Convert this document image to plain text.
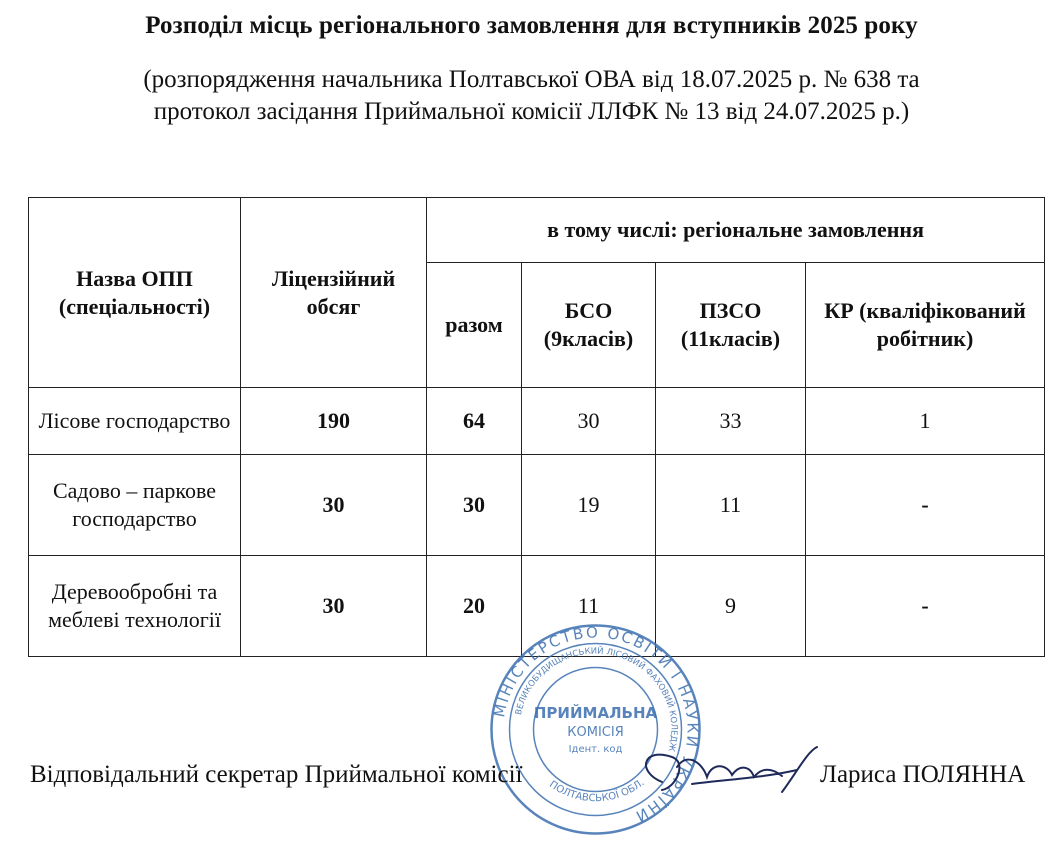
Розподіл місць регіонального замовлення для вступників 2025 року
(розпорядження начальника Полтавської ОВА від 18.07.2025 р. № 638 та
протокол засідання Приймальної комісії ЛЛФК № 13 від 24.07.2025 р.)
Назва ОПП (спеціальності)	Ліцензійний обсяг	в тому числі: регіональне замовлення			
		разом	БСО (9класів)	ПЗСО (11класів)	КР (кваліфікований робітник)
Лісове господарство	190	64	30	33	1
Садово – паркове господарство	30	30	19	11	-
Деревообробні та меблеві технології	30	20	11	9	-
МІНІСТЕРСТВО ОСВІТИ І НАУКИ УКРАЇНИ
ВЕЛИКОБУДИЩАНСЬКИЙ ЛІСОВИЙ ФАХОВИЙ КОЛЕДЖ
ПОЛТАВСЬКОЇ ОБЛ.
ПРИЙМАЛЬНА
КОМІСІЯ
Ідент. код
Відповідальний секретар Приймальної комісії	Лариса ПОЛЯННА
